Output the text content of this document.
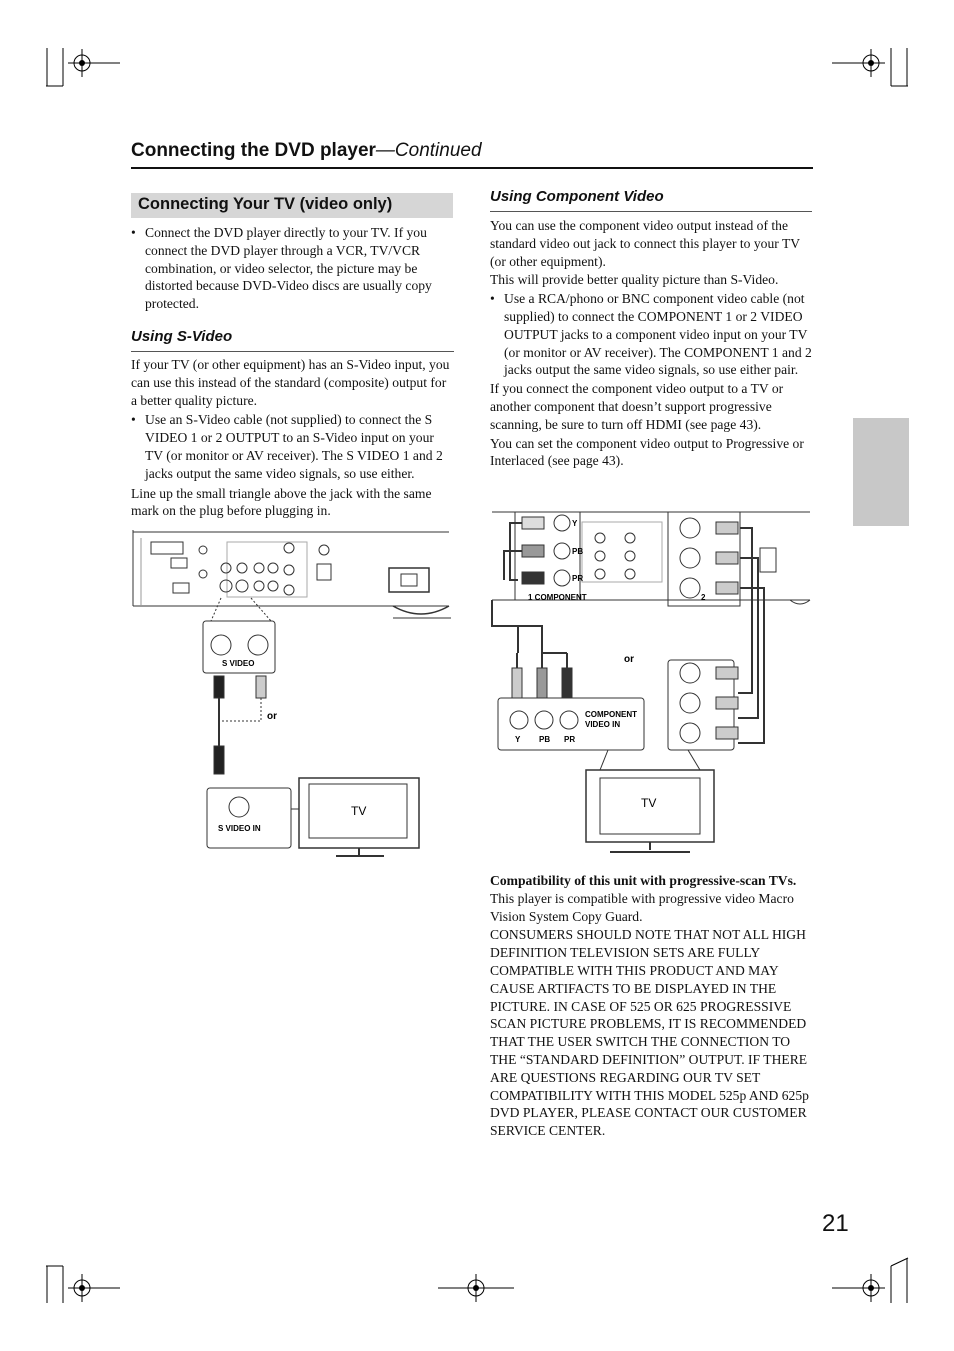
Connecting the DVD player—Continued
Connecting Your TV (video only)

• Connect the DVD player directly to your TV. If you connect the DVD player through a VCR, TV/VCR combination, or video selector, the picture may be distorted because DVD-Video discs are usually copy protected.

Using S-Video

If your TV (or other equipment) has an S-Video input, you can use this instead of the standard (composite) output for a better quality picture.

• Use an S-Video cable (not supplied) to connect the S VIDEO 1 or 2 OUTPUT to an S-Video input on your TV (or monitor or AV receiver). The S VIDEO 1 and 2 jacks output the same video signals, so use either.

Line up the small triangle above the jack with the same mark on the plug before plugging in.

S VIDEO
or
S VIDEO IN
TV
Using Component Video

You can use the component video output instead of the standard video out jack to connect this player to your TV (or other equipment).

This will provide better quality picture than S-Video.

• Use a RCA/phono or BNC component video cable (not supplied) to connect the COMPONENT 1 or 2 VIDEO OUTPUT jacks to a component video input on your TV (or monitor or AV receiver). The COMPONENT 1 and 2 jacks output the same video signals, so use either pair.

If you connect the component video output to a TV or another component that doesn’t support progressive scanning, be sure to turn off HDMI (see page 43).

You can set the component video output to Progressive or Interlaced (see page 43).

1 COMPONENT	2
Y
PB
PR
or
COMPONENT
VIDEO IN
Y PB PR
TV

Compatibility of this unit with progressive-scan TVs.

This player is compatible with progressive video Macro Vision System Copy Guard.

CONSUMERS SHOULD NOTE THAT NOT ALL HIGH DEFINITION TELEVISION SETS ARE FULLY COMPATIBLE WITH THIS PRODUCT AND MAY CAUSE ARTIFACTS TO BE DISPLAYED IN THE PICTURE. IN CASE OF 525 OR 625 PROGRESSIVE SCAN PICTURE PROBLEMS, IT IS RECOMMENDED THAT THE USER SWITCH THE CONNECTION TO THE “STANDARD DEFINITION” OUTPUT. IF THERE ARE QUESTIONS REGARDING OUR TV SET COMPATIBILITY WITH THIS MODEL 525p AND 625p DVD PLAYER, PLEASE CONTACT OUR CUSTOMER SERVICE CENTER.

21
